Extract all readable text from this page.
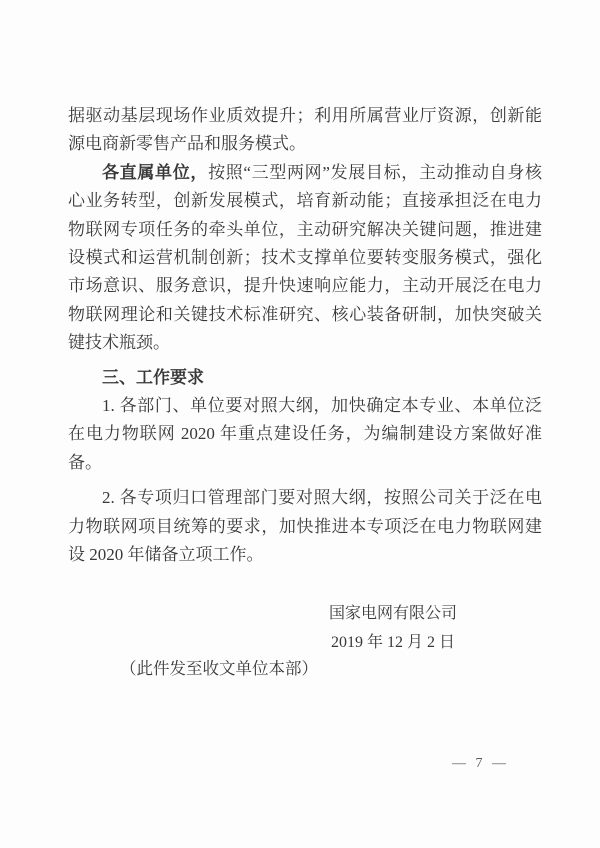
据驱动基层现场作业质效提升；利用所属营业厅资源，创新能源电商新零售产品和服务模式。

各直属单位，按照“三型两网”发展目标，主动推动自身核心业务转型，创新发展模式，培育新动能；直接承担泛在电力物联网专项任务的牵头单位，主动研究解决关键问题，推进建设模式和运营机制创新；技术支撑单位要转变服务模式，强化市场意识、服务意识，提升快速响应能力，主动开展泛在电力物联网理论和关键技术标准研究、核心装备研制，加快突破关键技术瓶颈。

三、工作要求

1. 各部门、单位要对照大纲，加快确定本专业、本单位泛在电力物联网 2020 年重点建设任务，为编制建设方案做好准备。

2. 各专项归口管理部门要对照大纲，按照公司关于泛在电力物联网项目统筹的要求，加快推进本专项泛在电力物联网建设 2020 年储备立项工作。

国家电网有限公司
2019 年 12 月 2 日
（此件发至收文单位本部）
— 7 —
